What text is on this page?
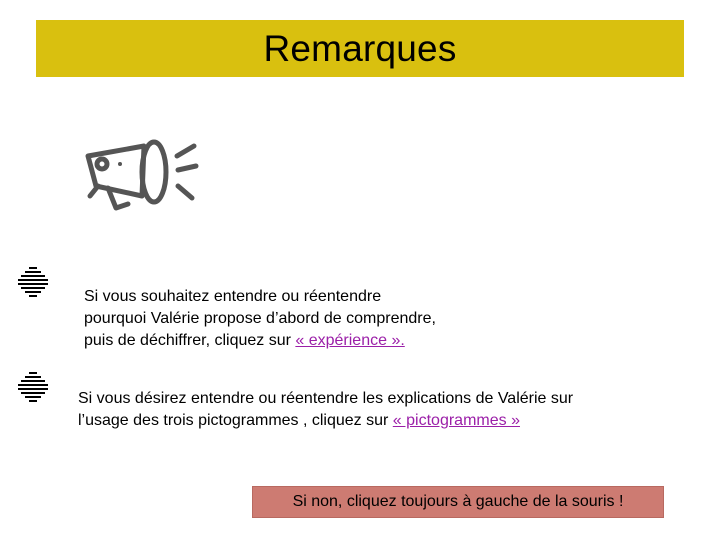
Remarques

Si vous souhaitez entendre ou réentendre
pourquoi Valérie propose d’abord de comprendre,
puis de déchiffrer, cliquez sur « expérience ».

Si vous désirez entendre ou réentendre les explications de Valérie sur
l’usage des trois pictogrammes , cliquez sur « pictogrammes »

Si non, cliquez toujours à gauche de la souris !
